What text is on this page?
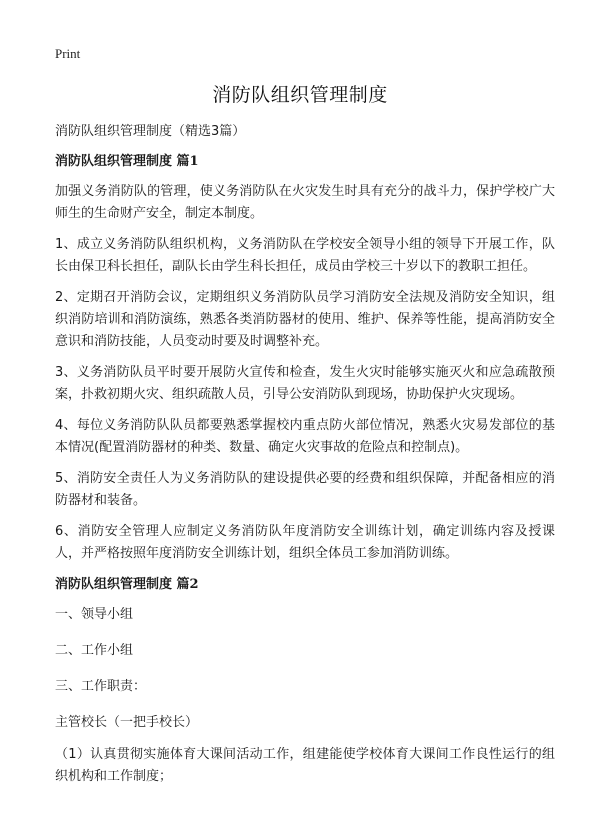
Print
消防队组织管理制度

消防队组织管理制度（精选3篇）

消防队组织管理制度 篇1

加强义务消防队的管理，使义务消防队在火灾发生时具有充分的战斗力，保护学校广大师生的生命财产安全，制定本制度。

1、成立义务消防队组织机构，义务消防队在学校安全领导小组的领导下开展工作，队长由保卫科长担任，副队长由学生科长担任，成员由学校三十岁以下的教职工担任。

2、定期召开消防会议，定期组织义务消防队员学习消防安全法规及消防安全知识，组织消防培训和消防演练，熟悉各类消防器材的使用、维护、保养等性能，提高消防安全意识和消防技能，人员变动时要及时调整补充。

3、义务消防队员平时要开展防火宣传和检查，发生火灾时能够实施灭火和应急疏散预案，扑救初期火灾、组织疏散人员，引导公安消防队到现场，协助保护火灾现场。

4、每位义务消防队队员都要熟悉掌握校内重点防火部位情况，熟悉火灾易发部位的基本情况(配置消防器材的种类、数量、确定火灾事故的危险点和控制点)。

5、消防安全责任人为义务消防队的建设提供必要的经费和组织保障，并配备相应的消防器材和装备。

6、消防安全管理人应制定义务消防队年度消防安全训练计划，确定训练内容及授课人，并严格按照年度消防安全训练计划，组织全体员工参加消防训练。

消防队组织管理制度 篇2

一、领导小组

二、工作小组

三、工作职责：

主管校长（一把手校长）

（1）认真贯彻实施体育大课间活动工作，组建能使学校体育大课间工作良性运行的组织机构和工作制度；
